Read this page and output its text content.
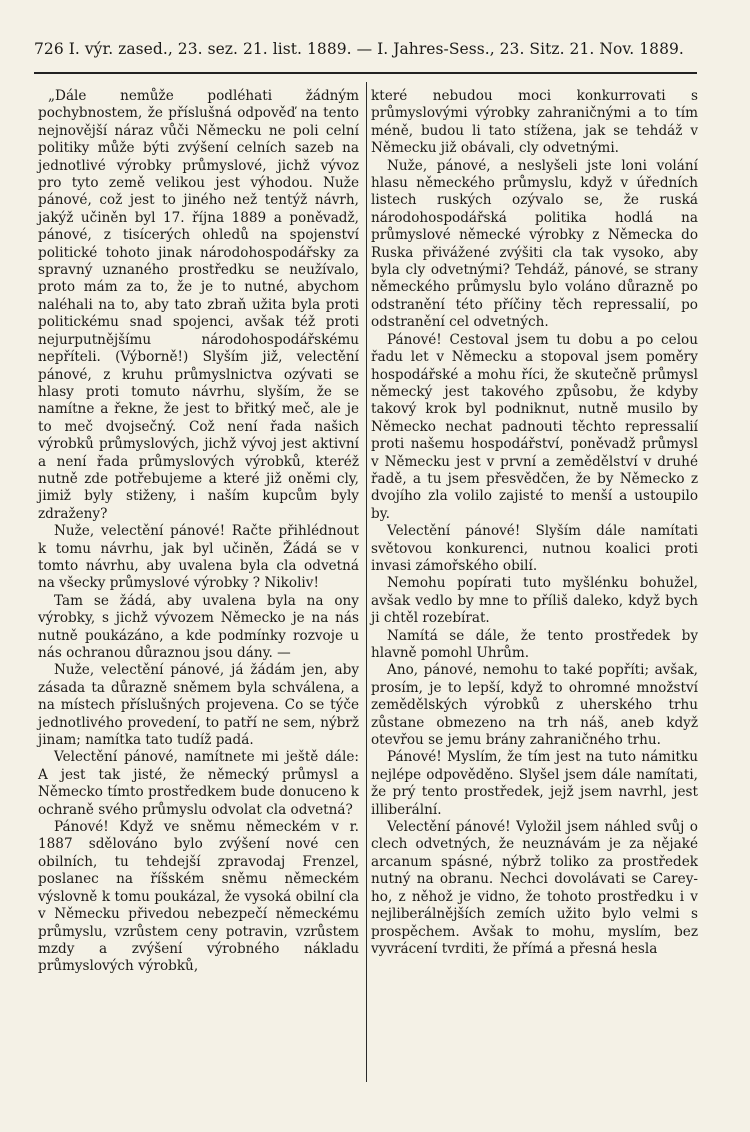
726 I. výr. zased., 23. sez. 21. list. 1889. — I. Jahres-Sess., 23. Sitz. 21. Nov. 1889.

„Dále nemůže podléhati žádným pochybnostem, že příslušná odpověď na tento nejnovější náraz vůči Německu ne poli celní politiky může býti zvýšení celních sazeb na jednotlivé výrobky průmyslové, jichž vývoz pro tyto země velikou jest výhodou. Nuže pánové, což jest to jiného než tentýž návrh, jakýž učiněn byl 17. října 1889 a poněvadž, pánové, z tisícerých ohledů na spojenství politické tohoto jinak národohospodářsky za spravný uznaného prostředku se neužívalo, proto mám za to, že je to nutné, abychom naléhali na to, aby tato zbraň užita byla proti politickému snad spojenci, avšak též proti nejurputnějšímu národohospodářskému nepříteli. (Výborně!) Slyším již, velectění pánové, z kruhu průmyslnictva ozývati se hlasy proti tomuto návrhu, slyším, že se namítne a řekne, že jest to břitký meč, ale je to meč dvojsečný. Což není řada našich výrobků průmyslových, jichž vývoj jest aktivní a není řada průmyslových výrobků, kteréž nutně zde potřebujeme a které již oněmi cly, jimiž byly stiženy, i naším kupcům byly zdraženy?

Nuže, velectění pánové! Račte přihlédnout k tomu návrhu, jak byl učiněn, Žádá se v tomto návrhu, aby uvalena byla cla odvetná na všecky průmyslové výrobky ? Nikoliv!

Tam se žádá, aby uvalena byla na ony výrobky, s jichž vývozem Německo je na nás nutně poukázáno, a kde podmínky rozvoje u nás ochranou důraznou jsou dány. —

Nuže, velectění pánové, já žádám jen, aby zásada ta důrazně sněmem byla schválena, a na místech příslušných projevena. Co se týče jednotlivého provedení, to patří ne sem, nýbrž jinam; namítka tato tudíž padá.

Velectění pánové, namítnete mi ještě dále: A jest tak jisté, že německý průmysl a Německo tímto prostředkem bude donuceno k ochraně svého průmyslu odvolat cla odvetná?

Pánové! Když ve sněmu německém v r. 1887 sdělováno bylo zvýšení nové cen obilních, tu tehdejší zpravodaj Frenzel, poslanec na říšském sněmu německém výslovně k tomu poukázal, že vysoká obilní cla v Německu přivedou nebezpečí německému průmyslu, vzrůstem ceny potravin, vzrůstem mzdy a zvýšení výrobného nákladu průmyslových výrobků,

které nebudou moci konkurrovati s průmyslovými výrobky zahraničnými a to tím méně, budou li tato stížena, jak se tehdáž v Německu již obávali, cly odvetnými.

Nuže, pánové, a neslyšeli jste loni volání hlasu německého průmyslu, když v úředních listech ruských ozývalo se, že ruská národohospodářská politika hodlá na průmyslové německé výrobky z Německa do Ruska přivážené zvýšiti cla tak vysoko, aby byla cly odvetnými? Tehdáž, pánové, se strany německého průmyslu bylo voláno důrazně po odstranění této příčiny těch repressalií, po odstranění cel odvetných.

Pánové! Cestoval jsem tu dobu a po celou řadu let v Německu a stopoval jsem poměry hospodářské a mohu říci, že skutečně průmysl německý jest takového způsobu, že kdyby takový krok byl podniknut, nutně musilo by Německo nechat padnouti těchto repressalií proti našemu hospodářství, poněvadž průmysl v Německu jest v první a zemědělství v druhé řadě, a tu jsem přesvědčen, že by Německo z dvojího zla volilo zajisté to menší a ustoupilo by.

Velectění pánové! Slyším dále namítati světovou konkurenci, nutnou koalici proti invasi zámořského obilí.

Nemohu popírati tuto myšlénku bohužel, avšak vedlo by mne to příliš daleko, když bych ji chtěl rozebírat.

Namítá se dále, že tento prostředek by hlavně pomohl Uhrům.

Ano, pánové, nemohu to také popříti; avšak, prosím, je to lepší, když to ohromné množství zemědělských výrobků z uherského trhu zůstane obmezeno na trh náš, aneb když otevřou se jemu brány zahraničného trhu.

Pánové! Myslím, že tím jest na tuto námitku nejlépe odpověděno. Slyšel jsem dále namítati, že prý tento prostředek, jejž jsem navrhl, jest illiberální.

Velectění pánové! Vyložil jsem náhled svůj o clech odvetných, že neuznávám je za nějaké arcanum spásné, nýbrž toliko za prostředek nutný na obranu. Nechci dovolávati se Carey-ho, z něhož je vidno, že tohoto prostředku i v nejliberálnějších zemích užito bylo velmi s prospěchem. Avšak to mohu, myslím, bez vyvrácení tvrditi, že přímá a přesná hesla
